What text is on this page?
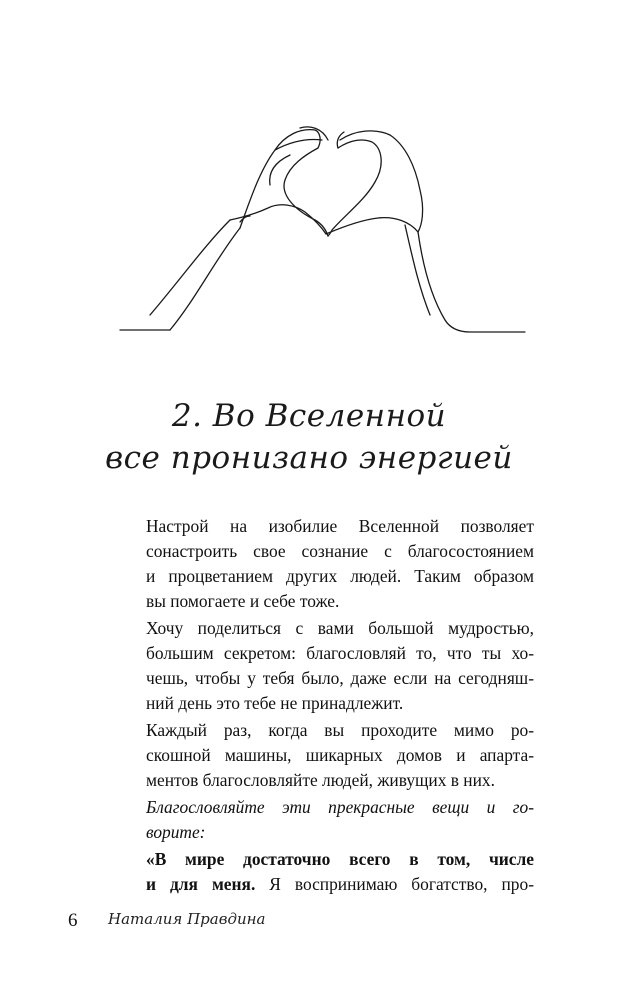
2. Во Вселенной
все пронизано энергией

Настрой на изобилие Вселенной позволяет
сонастроить свое сознание с благосостоянием
и процветанием других людей. Таким образом
вы помогаете и себе тоже.

Хочу поделиться с вами большой мудростью,
большим секретом: благословляй то, что ты хо-
чешь, чтобы у тебя было, даже если на сегодняш-
ний день это тебе не принадлежит.

Каждый раз, когда вы проходите мимо ро-
скошной машины, шикарных домов и апарта-
ментов благословляйте людей, живущих в них.

Благословляйте эти прекрасные вещи и го-
ворите:

«В мире достаточно всего в том, числе
и для меня. Я воспринимаю богатство, про-

6 Наталия Правдина
